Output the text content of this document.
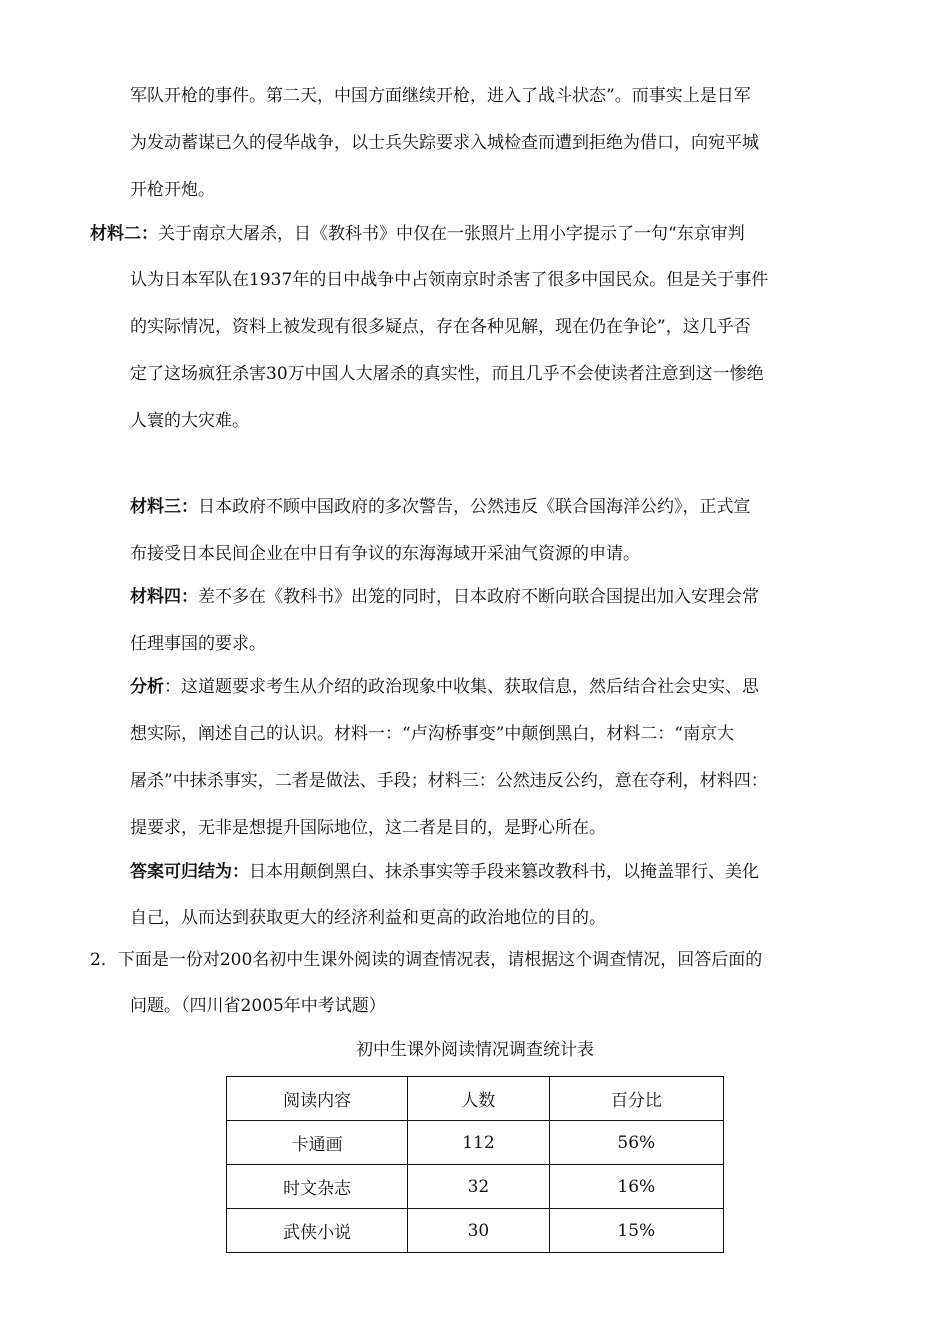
军队开枪的事件。第二天，中国方面继续开枪，进入了战斗状态”。而事实上是日军
为发动蓄谋已久的侵华战争，以士兵失踪要求入城检查而遭到拒绝为借口，向宛平城
开枪开炮。
材料二：关于南京大屠杀，日《教科书》中仅在一张照片上用小字提示了一句“东京审判
认为日本军队在1937年的日中战争中占领南京时杀害了很多中国民众。但是关于事件
的实际情况，资料上被发现有很多疑点，存在各种见解，现在仍在争论”，这几乎否
定了这场疯狂杀害30万中国人大屠杀的真实性，而且几乎不会使读者注意到这一惨绝
人寰的大灾难。
材料三：日本政府不顾中国政府的多次警告，公然违反《联合国海洋公约》，正式宣
布接受日本民间企业在中日有争议的东海海域开采油气资源的申请。
材料四：差不多在《教科书》出笼的同时，日本政府不断向联合国提出加入安理会常
任理事国的要求。
分析：这道题要求考生从介绍的政治现象中收集、获取信息，然后结合社会史实、思
想实际，阐述自己的认识。材料一：“卢沟桥事变”中颠倒黑白，材料二：“南京大
屠杀”中抹杀事实，二者是做法、手段；材料三：公然违反公约，意在夺利，材料四：
提要求，无非是想提升国际地位，这二者是目的，是野心所在。
答案可归结为：日本用颠倒黑白、抹杀事实等手段来篡改教科书，以掩盖罪行、美化
自己，从而达到获取更大的经济利益和更高的政治地位的目的。
2．下面是一份对200名初中生课外阅读的调查情况表，请根据这个调查情况，回答后面的
问题。（四川省2005年中考试题）
初中生课外阅读情况调查统计表
阅读内容	人数	百分比
卡通画	112	56%
时文杂志	32	16%
武侠小说	30	15%
